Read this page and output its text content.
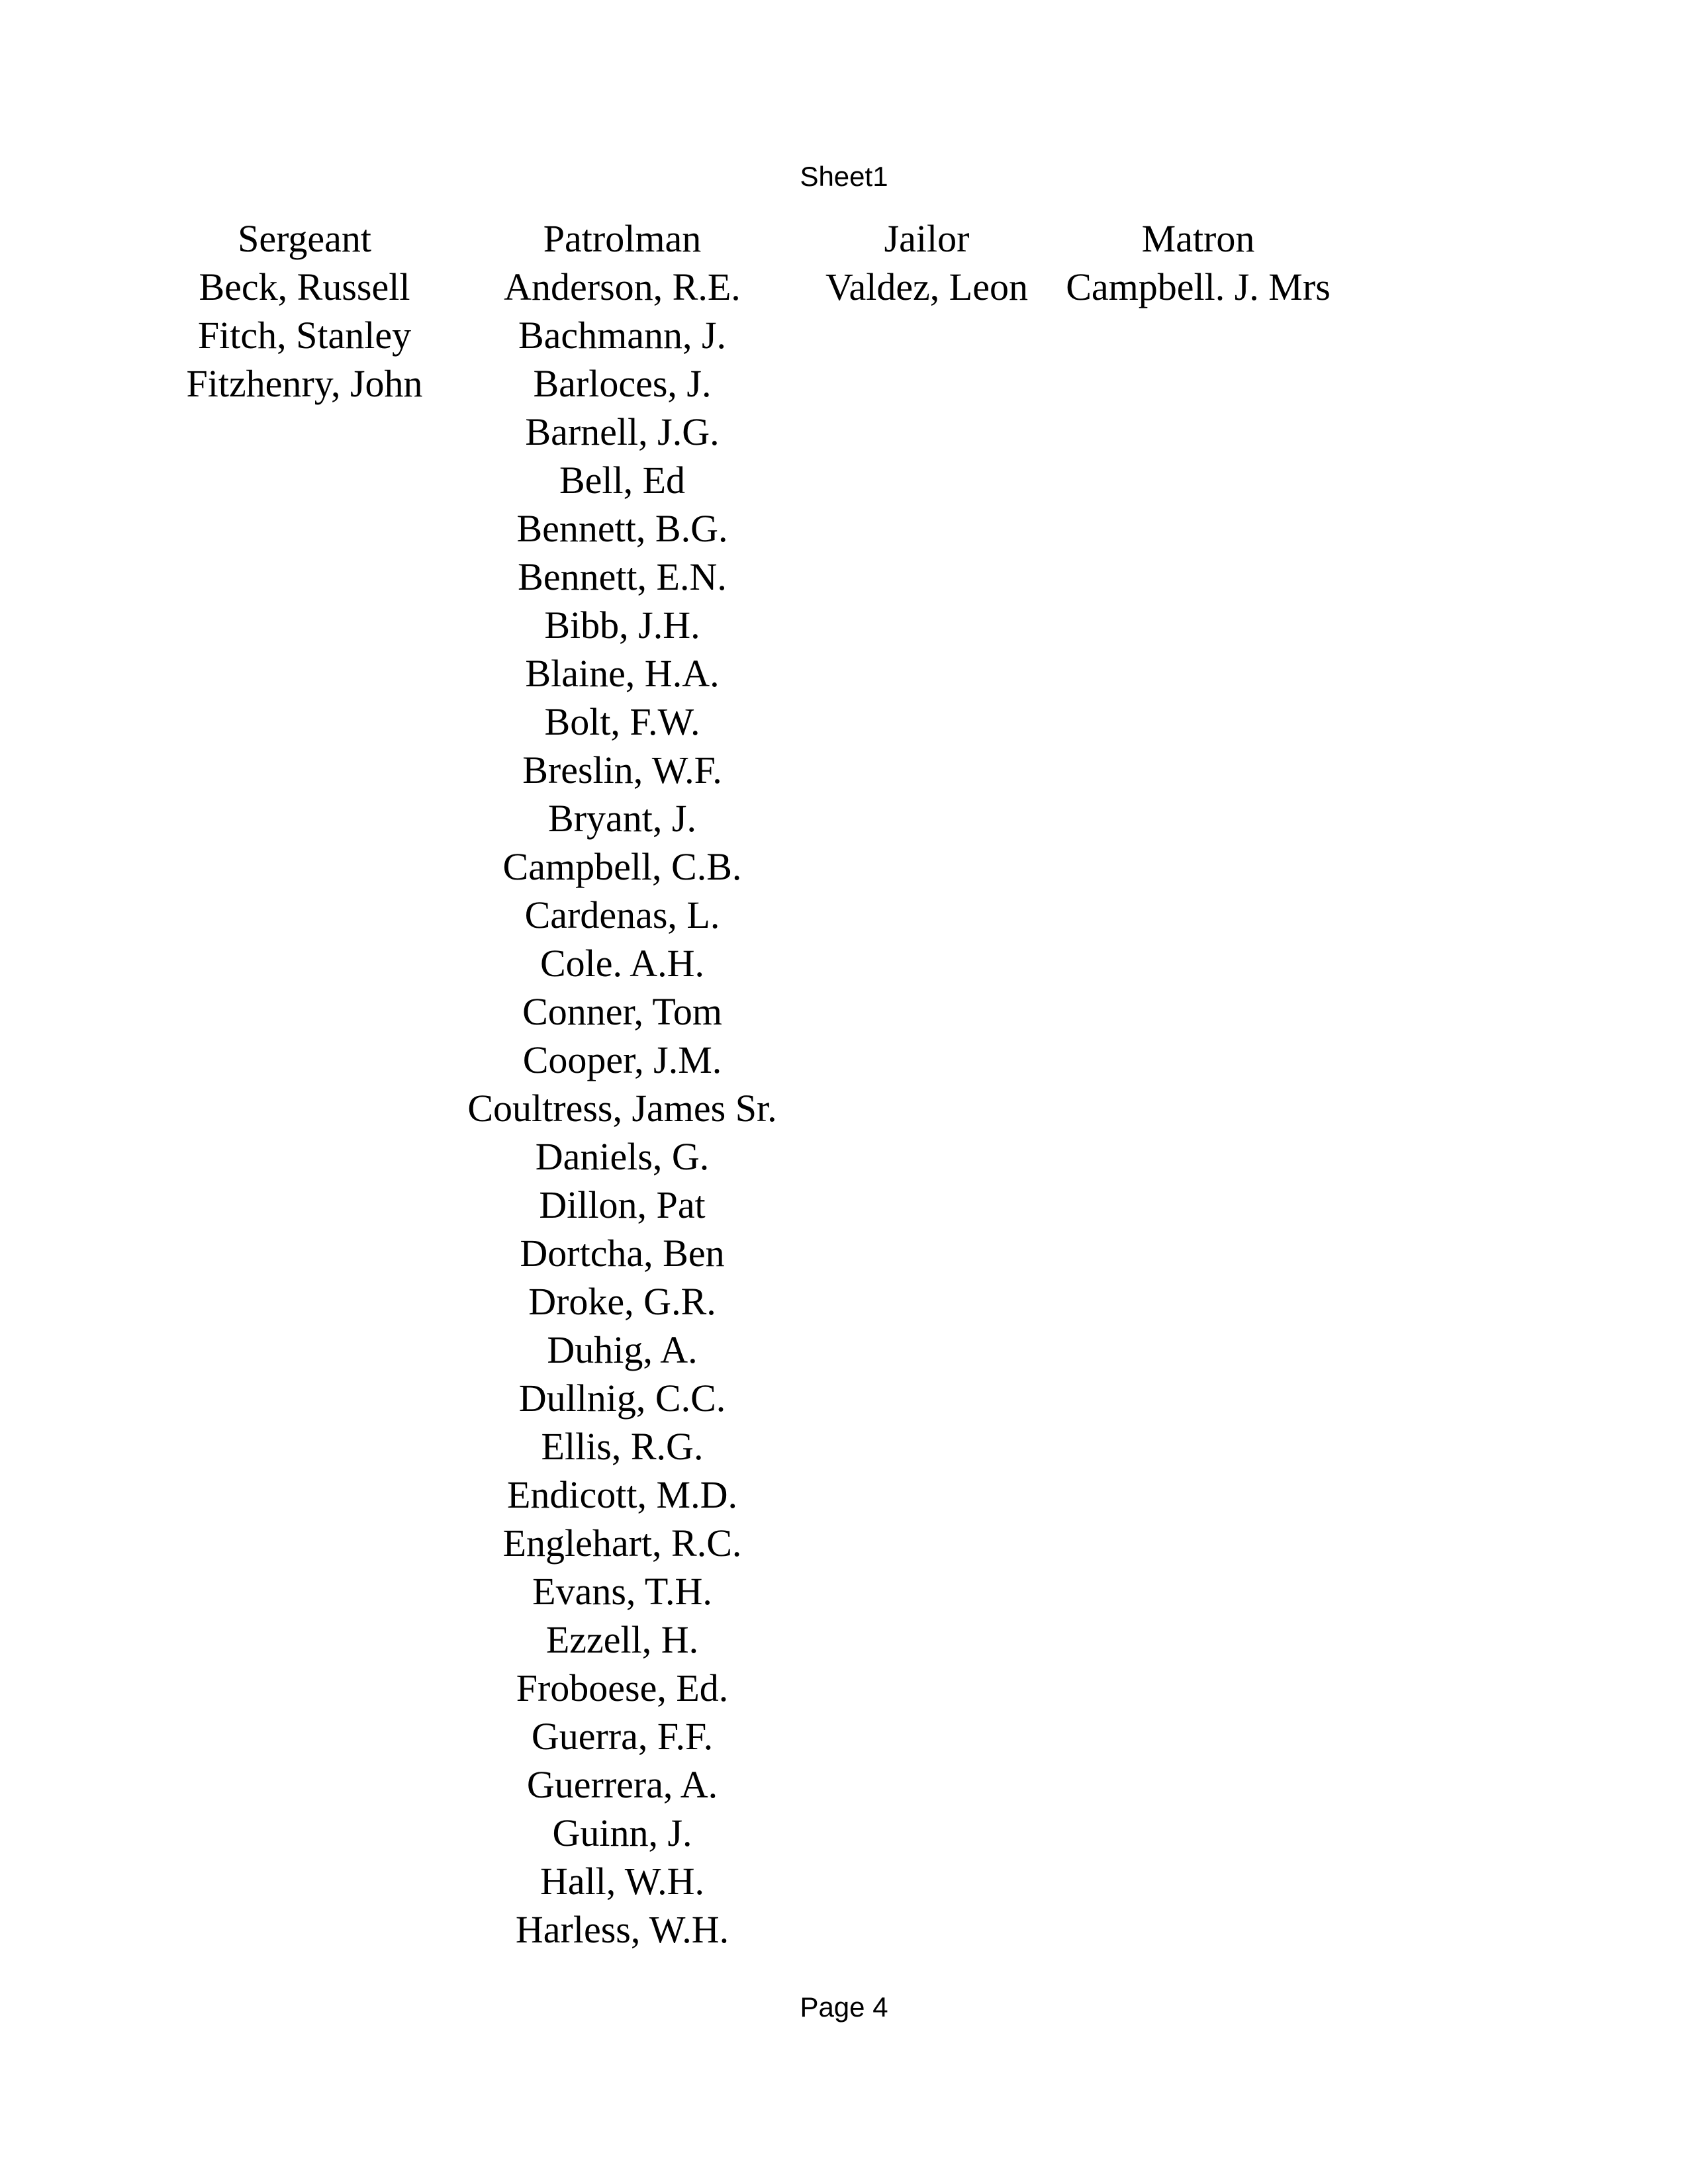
Sheet1
Sergeant
Beck, Russell
Fitch, Stanley
Fitzhenry, John
Patrolman
Anderson, R.E.
Bachmann, J.
Barloces, J.
Barnell, J.G.
Bell, Ed
Bennett, B.G.
Bennett, E.N.
Bibb, J.H.
Blaine, H.A.
Bolt, F.W.
Breslin, W.F.
Bryant, J.
Campbell, C.B.
Cardenas, L.
Cole. A.H.
Conner, Tom
Cooper, J.M.
Coultress, James Sr.
Daniels, G.
Dillon, Pat
Dortcha, Ben
Droke, G.R.
Duhig, A.
Dullnig, C.C.
Ellis, R.G.
Endicott, M.D.
Englehart, R.C.
Evans, T.H.
Ezzell, H.
Froboese, Ed.
Guerra, F.F.
Guerrera, A.
Guinn, J.
Hall, W.H.
Harless, W.H.
Jailor
Valdez, Leon
Matron
Campbell. J. Mrs
Page 4
